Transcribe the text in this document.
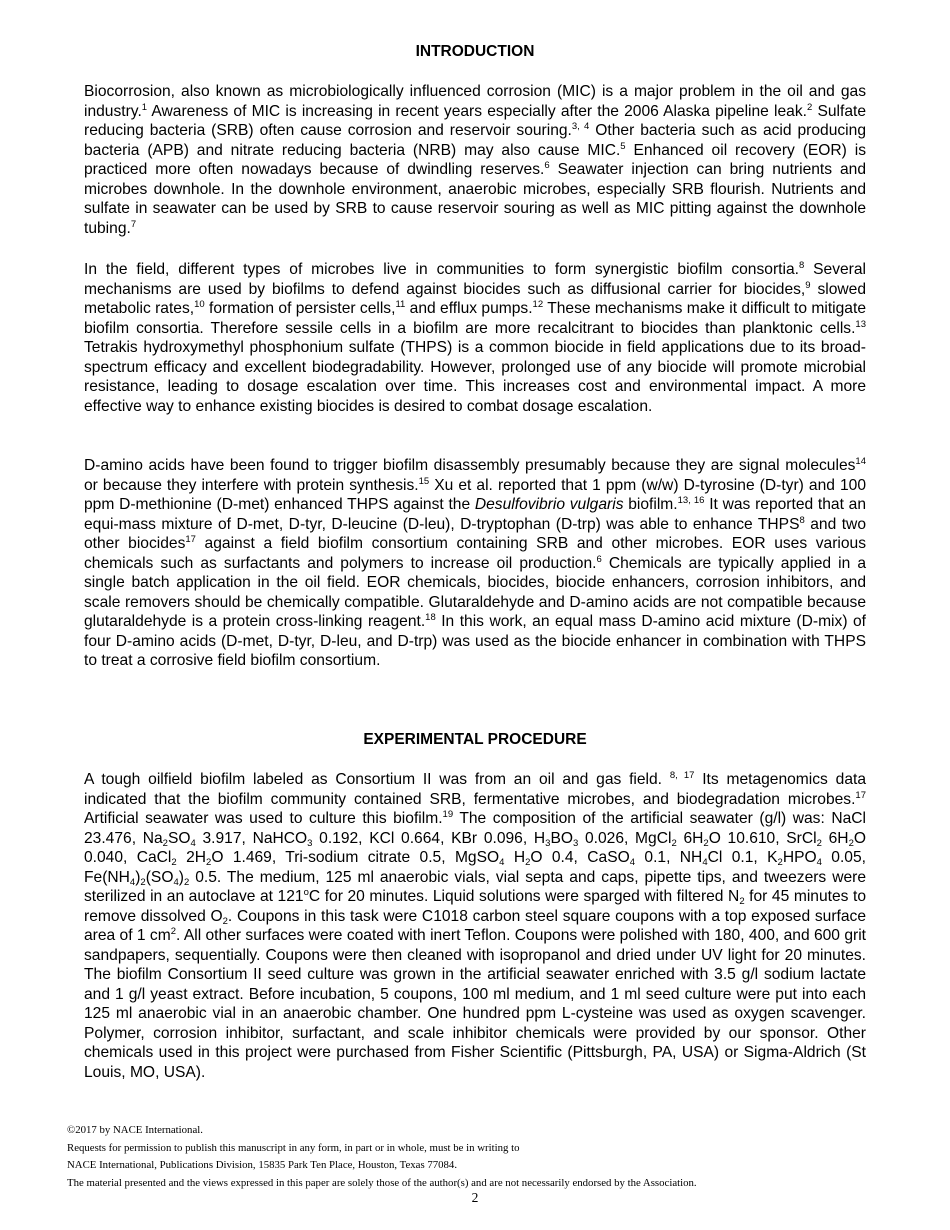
INTRODUCTION

Biocorrosion, also known as microbiologically influenced corrosion (MIC) is a major problem in the oil and gas industry.$^1$ Awareness of MIC is increasing in recent years especially after the 2006 Alaska pipeline leak.$^2$ Sulfate reducing bacteria (SRB) often cause corrosion and reservoir souring.$^{3, 4}$ Other bacteria such as acid producing bacteria (APB) and nitrate reducing bacteria (NRB) may also cause MIC.$^5$ Enhanced oil recovery (EOR) is practiced more often nowadays because of dwindling reserves.$^6$ Seawater injection can bring nutrients and microbes downhole. In the downhole environment, anaerobic microbes, especially SRB flourish. Nutrients and sulfate in seawater can be used by SRB to cause reservoir souring as well as MIC pitting against the downhole tubing.$^7$

In the field, different types of microbes live in communities to form synergistic biofilm consortia.$^8$ Several mechanisms are used by biofilms to defend against biocides such as diffusional carrier for biocides,$^9$ slowed metabolic rates,$^{10}$ formation of persister cells,$^{11}$ and efflux pumps.$^{12}$ These mechanisms make it difficult to mitigate biofilm consortia. Therefore sessile cells in a biofilm are more recalcitrant to biocides than planktonic cells.$^{13}$ Tetrakis hydroxymethyl phosphonium sulfate (THPS) is a common biocide in field applications due to its broad-spectrum efficacy and excellent biodegradability. However, prolonged use of any biocide will promote microbial resistance, leading to dosage escalation over time. This increases cost and environmental impact. A more effective way to enhance existing biocides is desired to combat dosage escalation.

D-amino acids have been found to trigger biofilm disassembly presumably because they are signal molecules$^{14}$ or because they interfere with protein synthesis.$^{15}$ Xu et al. reported that 1 ppm (w/w) D-tyrosine (D-tyr) and 100 ppm D-methionine (D-met) enhanced THPS against the Desulfovibrio vulgaris biofilm.$^{13, 16}$ It was reported that an equi-mass mixture of D-met, D-tyr, D-leucine (D-leu), D-tryptophan (D-trp) was able to enhance THPS$^8$ and two other biocides$^{17}$ against a field biofilm consortium containing SRB and other microbes. EOR uses various chemicals such as surfactants and polymers to increase oil production.$^6$ Chemicals are typically applied in a single batch application in the oil field. EOR chemicals, biocides, biocide enhancers, corrosion inhibitors, and scale removers should be chemically compatible. Glutaraldehyde and D-amino acids are not compatible because glutaraldehyde is a protein cross-linking reagent.$^{18}$ In this work, an equal mass D-amino acid mixture (D-mix) of four D-amino acids (D-met, D-tyr, D-leu, and D-trp) was used as the biocide enhancer in combination with THPS to treat a corrosive field biofilm consortium.

EXPERIMENTAL PROCEDURE

A tough oilfield biofilm labeled as Consortium II was from an oil and gas field. $^{8, 17}$ Its metagenomics data indicated that the biofilm community contained SRB, fermentative microbes, and biodegradation microbes.$^{17}$ Artificial seawater was used to culture this biofilm.$^{19}$ The composition of the artificial seawater (g/l) was: NaCl 23.476, $Na_2SO_4$ 3.917, NaHCO$_3$ 0.192, KCl 0.664, KBr 0.096, $H_3BO_3$ 0.026, MgCl$_2$ $6H_2O$ 10.610, SrCl$_2$ $6H_2O$ 0.040, CaCl$_2$ $2H_2O$ 1.469, Tri-sodium citrate 0.5, MgSO$_4$ $H_2O$ 0.4, CaSO$_4$ 0.1, $NH_4Cl$ 0.1, $K_2HPO_4$ 0.05, $Fe(NH_4)_2(SO_4)_2$ 0.5. The medium, 125 ml anaerobic vials, vial septa and caps, pipette tips, and tweezers were sterilized in an autoclave at 121$^o$C for 20 minutes. Liquid solutions were sparged with filtered $N_2$ for 45 minutes to remove dissolved $O_2$. Coupons in this task were C1018 carbon steel square coupons with a top exposed surface area of 1 $cm^2$. All other surfaces were coated with inert Teflon. Coupons were polished with 180, 400, and 600 grit sandpapers, sequentially. Coupons were then cleaned with isopropanol and dried under UV light for 20 minutes. The biofilm Consortium II seed culture was grown in the artificial seawater enriched with 3.5 g/l sodium lactate and 1 g/l yeast extract. Before incubation, 5 coupons, 100 ml medium, and 1 ml seed culture were put into each 125 ml anaerobic vial in an anaerobic chamber. One hundred ppm L-cysteine was used as oxygen scavenger. Polymer, corrosion inhibitor, surfactant, and scale inhibitor chemicals were provided by our sponsor. Other chemicals used in this project were purchased from Fisher Scientific (Pittsburgh, PA, USA) or Sigma-Aldrich (St Louis, MO, USA).

©2017 by NACE International.
Requests for permission to publish this manuscript in any form, in part or in whole, must be in writing to
NACE International, Publications Division, 15835 Park Ten Place, Houston, Texas 77084.
The material presented and the views expressed in this paper are solely those of the author(s) and are not necessarily endorsed by the Association.
2
